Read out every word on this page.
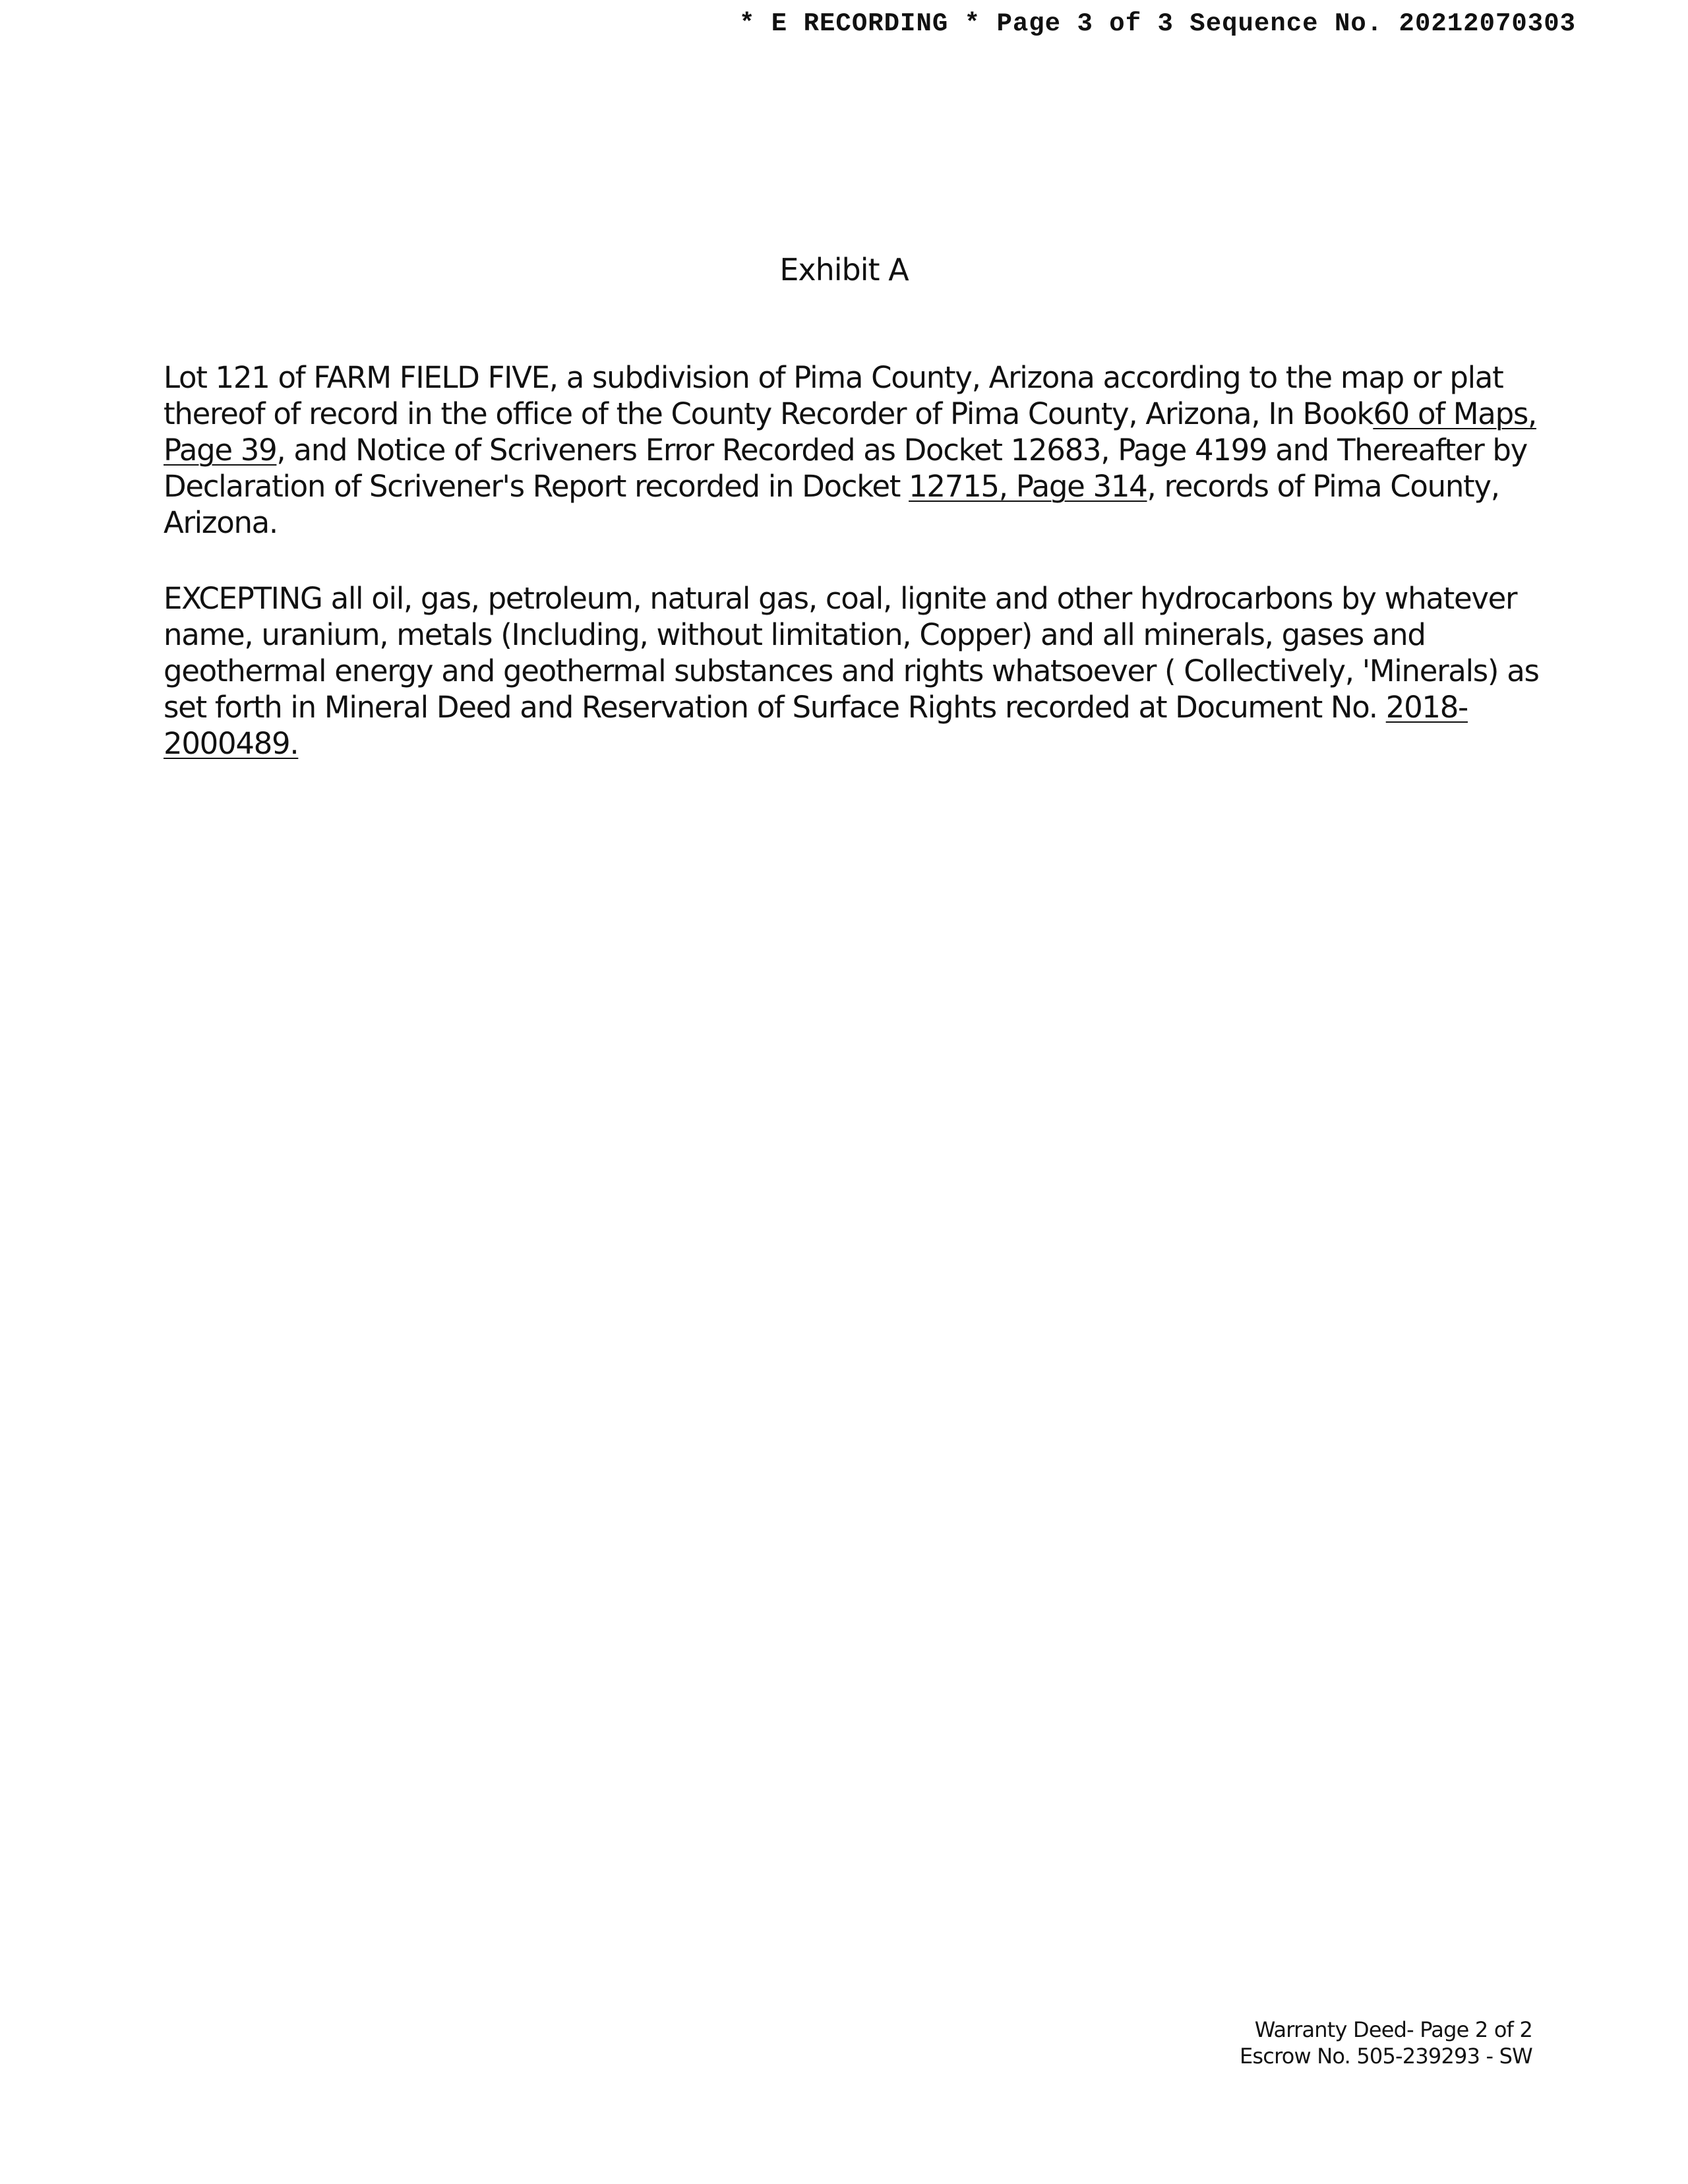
* E RECORDING * Page 3 of 3 Sequence No. 20212070303
Exhibit A

Lot 121 of FARM FIELD FIVE, a subdivision of Pima County, Arizona according to the map or plat thereof of record in the office of the County Recorder of Pima County, Arizona, In Book60 of Maps, Page 39, and Notice of Scriveners Error Recorded as Docket 12683, Page 4199 and Thereafter by Declaration of Scrivener's Report recorded in Docket 12715, Page 314, records of Pima County, Arizona.

EXCEPTING all oil, gas, petroleum, natural gas, coal, lignite and other hydrocarbons by whatever name, uranium, metals (Including, without limitation, Copper) and all minerals, gases and geothermal energy and geothermal substances and rights whatsoever ( Collectively, 'Minerals) as set forth in Mineral Deed and Reservation of Surface Rights recorded at Document No. 2018-2000489.

Warranty Deed- Page 2 of 2
Escrow No. 505-239293 - SW
